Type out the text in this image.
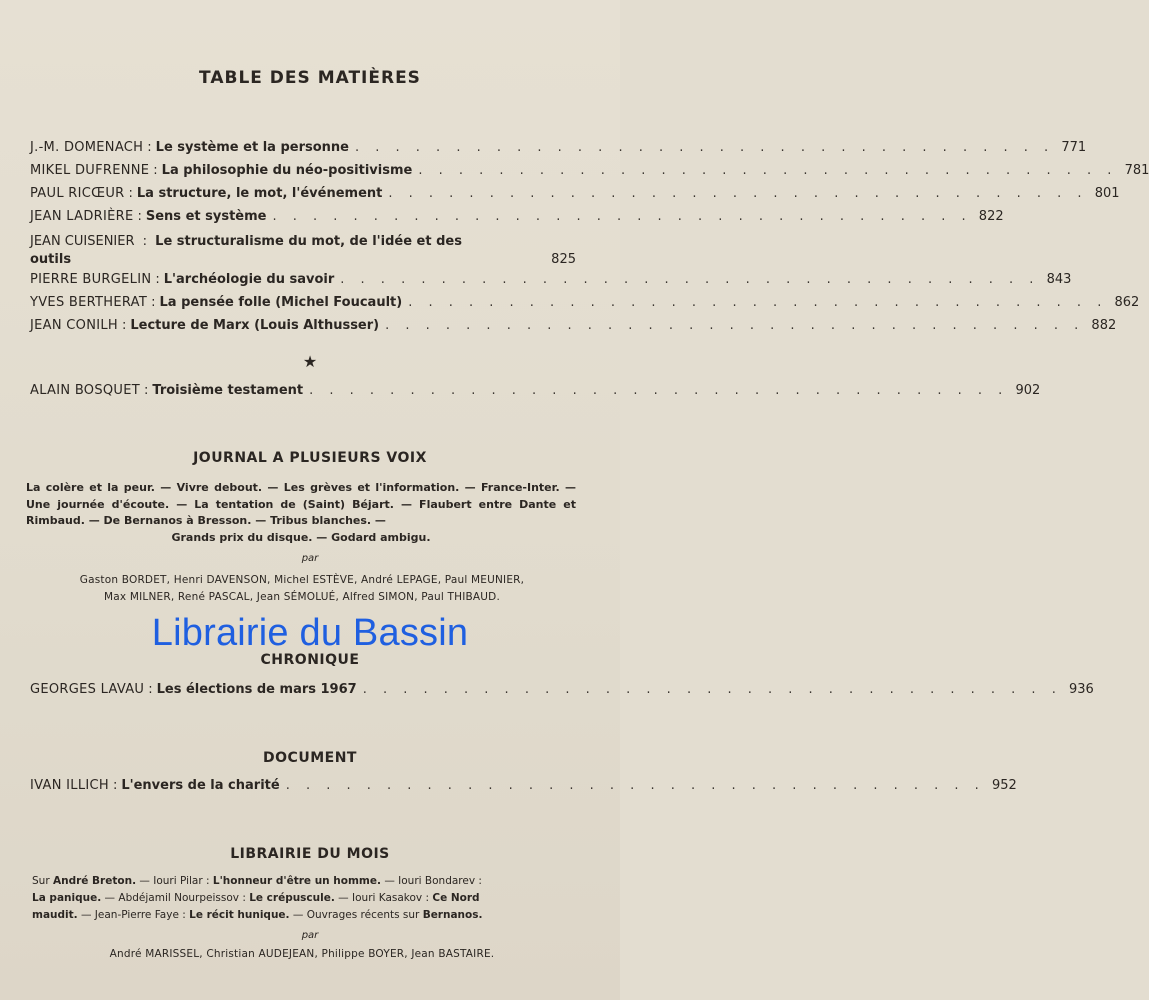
TABLE DES MATIÈRES
J.-M. DOMENACH : Le système et la personne . . . . . . . . . . . . . . . . . . . . . . . . . . . . . . . . . . . 771
MIKEL DUFRENNE : La philosophie du néo-positivisme . . . . . . . . . . . . . . . . . . . . . . . . . . . . . . . . . . . 781
PAUL RICŒUR : La structure, le mot, l'événement . . . . . . . . . . . . . . . . . . . . . . . . . . . . . . . . . . . 801
JEAN LADRIÈRE : Sens et système . . . . . . . . . . . . . . . . . . . . . . . . . . . . . . . . . . . 822
JEAN CUISENIER : Le structuralisme du mot, de l'idée et des
outils	825
PIERRE BURGELIN : L'archéologie du savoir . . . . . . . . . . . . . . . . . . . . . . . . . . . . . . . . . . . 843
YVES BERTHERAT : La pensée folle (Michel Foucault) . . . . . . . . . . . . . . . . . . . . . . . . . . . . . . . . . . . 862
JEAN CONILH : Lecture de Marx (Louis Althusser) . . . . . . . . . . . . . . . . . . . . . . . . . . . . . . . . . . . 882
★
ALAIN BOSQUET : Troisième testament . . . . . . . . . . . . . . . . . . . . . . . . . . . . . . . . . . . 902
JOURNAL A PLUSIEURS VOIX
La colère et la peur. — Vivre debout. — Les grèves et l'information. — France-Inter. — Une journée d'écoute. — La tentation de (Saint) Béjart. — Flaubert entre Dante et Rimbaud. — De Bernanos à Bresson. — Tribus blanches. —
Grands prix du disque. — Godard ambigu.
par
Gaston BORDET, Henri DAVENSON, Michel ESTÈVE, André LEPAGE, Paul MEUNIER,
Max MILNER, René PASCAL, Jean SÉMOLUÉ, Alfred SIMON, Paul THIBAUD.
CHRONIQUE
Librairie du Bassin
GEORGES LAVAU : Les élections de mars 1967 . . . . . . . . . . . . . . . . . . . . . . . . . . . . . . . . . . . 936
DOCUMENT
IVAN ILLICH : L'envers de la charité . . . . . . . . . . . . . . . . . . . . . . . . . . . . . . . . . . . 952
LIBRAIRIE DU MOIS
Sur André Breton. — Iouri Pilar : L'honneur d'être un homme. — Iouri Bondarev :
La panique. — Abdéjamil Nourpeissov : Le crépuscule. — Iouri Kasakov : Ce Nord
maudit. — Jean-Pierre Faye : Le récit hunique. — Ouvrages récents sur Bernanos.
par
André MARISSEL, Christian AUDEJEAN, Philippe BOYER, Jean BASTAIRE.
